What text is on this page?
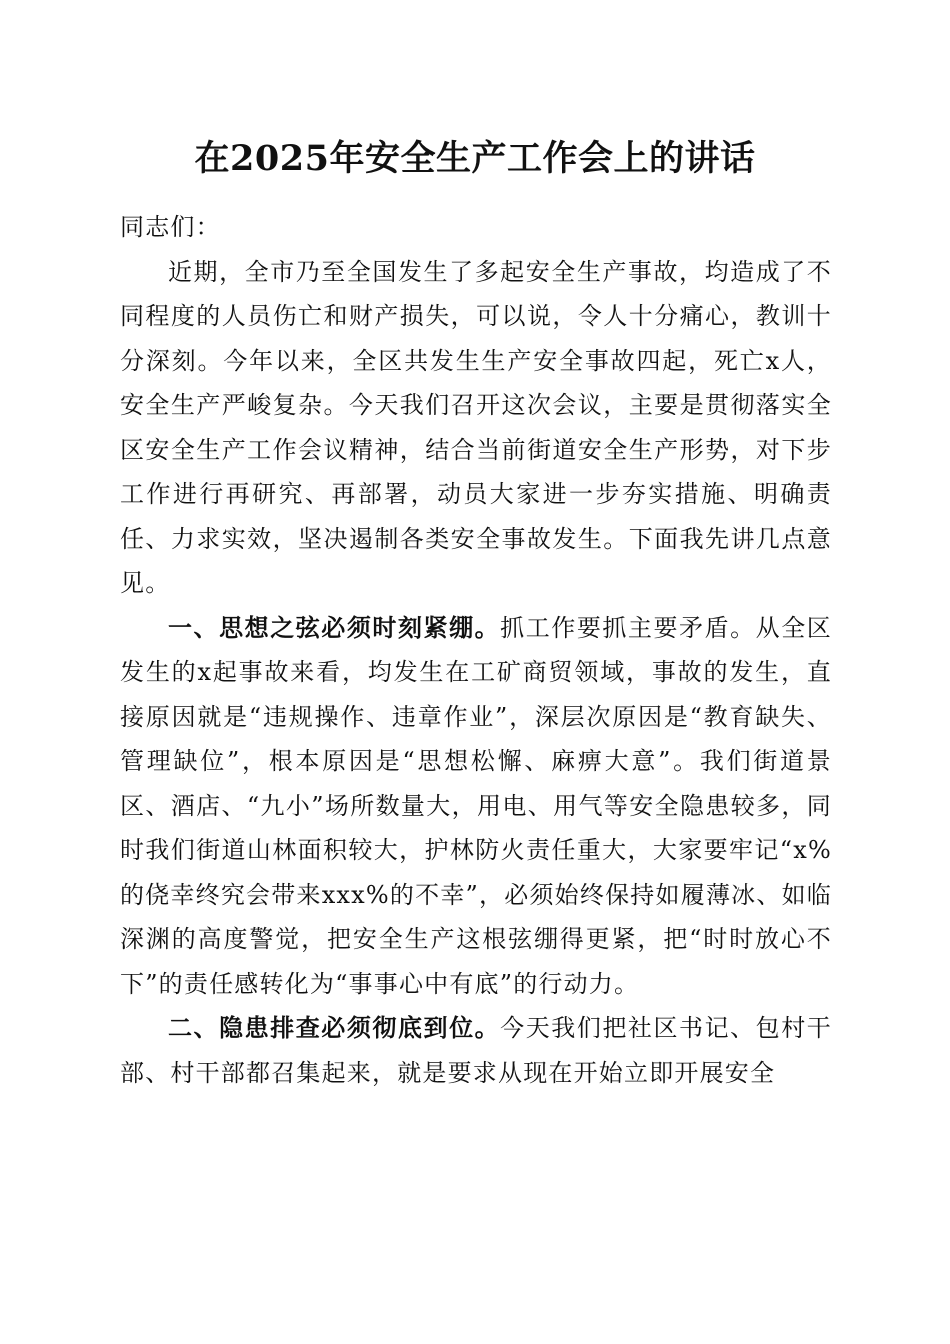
在2025年安全生产工作会上的讲话

同志们：

近期，全市乃至全国发生了多起安全生产事故，均造成了不同程度的人员伤亡和财产损失，可以说，令人十分痛心，教训十分深刻。今年以来，全区共发生生产安全事故四起，死亡x人，安全生产严峻复杂。今天我们召开这次会议，主要是贯彻落实全区安全生产工作会议精神，结合当前街道安全生产形势，对下步工作进行再研究、再部署，动员大家进一步夯实措施、明确责任、力求实效，坚决遏制各类安全事故发生。下面我先讲几点意见。

一、思想之弦必须时刻紧绷。抓工作要抓主要矛盾。从全区发生的x起事故来看，均发生在工矿商贸领域，事故的发生，直接原因就是“违规操作、违章作业”，深层次原因是“教育缺失、管理缺位”，根本原因是“思想松懈、麻痹大意”。我们街道景区、酒店、“九小”场所数量大，用电、用气等安全隐患较多，同时我们街道山林面积较大，护林防火责任重大，大家要牢记“x%的侥幸终究会带来xxx%的不幸”，必须始终保持如履薄冰、如临深渊的高度警觉，把安全生产这根弦绷得更紧，把“时时放心不下”的责任感转化为“事事心中有底”的行动力。

二、隐患排查必须彻底到位。今天我们把社区书记、包村干部、村干部都召集起来，就是要求从现在开始立即开展安全
